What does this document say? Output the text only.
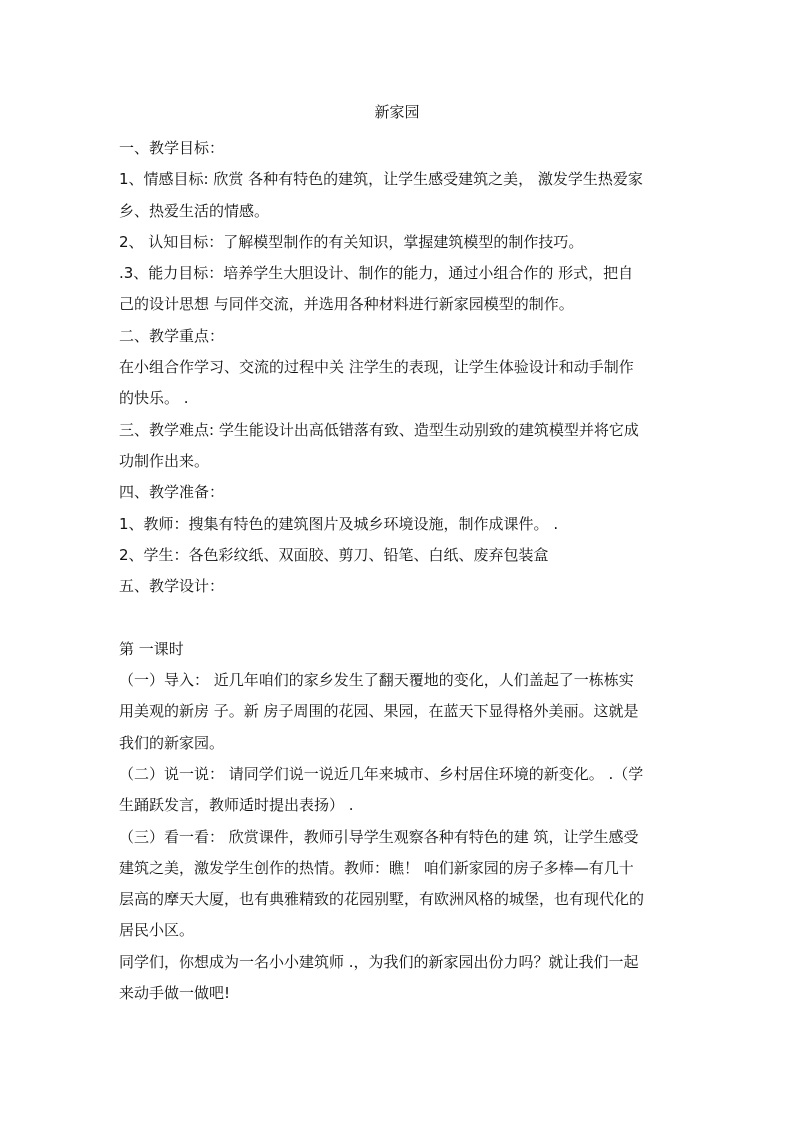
新家园
一、教学目标：
1、情感目标: 欣赏 各种有特色的建筑，让学生感受建筑之美， 激发学生热爱家
乡、热爱生活的情感。
2、 认知目标：了解模型制作的有关知识，掌握建筑模型的制作技巧。
.3、能力目标：培养学生大胆设计、制作的能力，通过小组合作的 形式，把自
己的设计思想 与同伴交流，并选用各种材料进行新家园模型的制作。
二、教学重点：
在小组合作学习、交流的过程中关 注学生的表现，让学生体验设计和动手制作
的快乐。 .
三、教学难点: 学生能设计出高低错落有致、造型生动别致的建筑模型并将它成
功制作出来。
四、教学准备：
1、教师：搜集有特色的建筑图片及城乡环境设施，制作成课件。 .
2、学生：各色彩纹纸、双面胶、剪刀、铅笔、白纸、废弃包装盒
五、教学设计：
第 一课时
（一）导入： 近几年咱们的家乡发生了翻天覆地的变化，人们盖起了一栋栋实
用美观的新房 子。新 房子周围的花园、果园，在蓝天下显得格外美丽。这就是
我们的新家园。
（二）说一说： 请同学们说一说近几年来城市、乡村居住环境的新变化。 .（学
生踊跃发言，教师适时提出表扬） .
（三）看一看： 欣赏课件，教师引导学生观察各种有特色的建 筑，让学生感受
建筑之美，激发学生创作的热情。教师：瞧！ 咱们新家园的房子多棒—有几十
层高的摩天大厦，也有典雅精致的花园别墅，有欧洲风格的城堡，也有现代化的
居民小区。
同学们，你想成为一名小小建筑师 .，为我们的新家园出份力吗？就让我们一起
来动手做一做吧!
